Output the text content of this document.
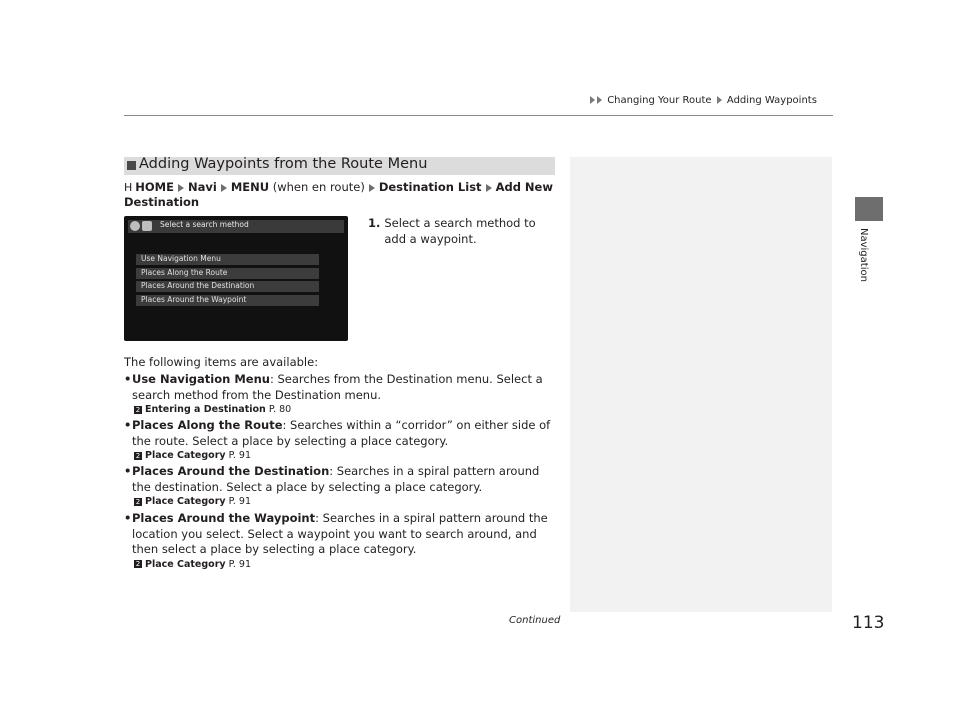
Changing Your Route Adding Waypoints
Navigation
Adding Waypoints from the Route Menu
H HOME Navi MENU (when en route) Destination List Add New Destination
Select a search method
Use Navigation Menu
Places Along the Route
Places Around the Destination
Places Around the Waypoint
1. Select a search method to add a waypoint.
The following items are available:
• Use Navigation Menu: Searches from the Destination menu. Select a search method from the Destination menu.
2 Entering a Destination P. 80
• Places Along the Route: Searches within a “corridor” on either side of the route. Select a place by selecting a place category.
2 Place Category P. 91
• Places Around the Destination: Searches in a spiral pattern around the destination. Select a place by selecting a place category.
2 Place Category P. 91
• Places Around the Waypoint: Searches in a spiral pattern around the location you select. Select a waypoint you want to search around, and then select a place by selecting a place category.
2 Place Category P. 91
Continued	113
